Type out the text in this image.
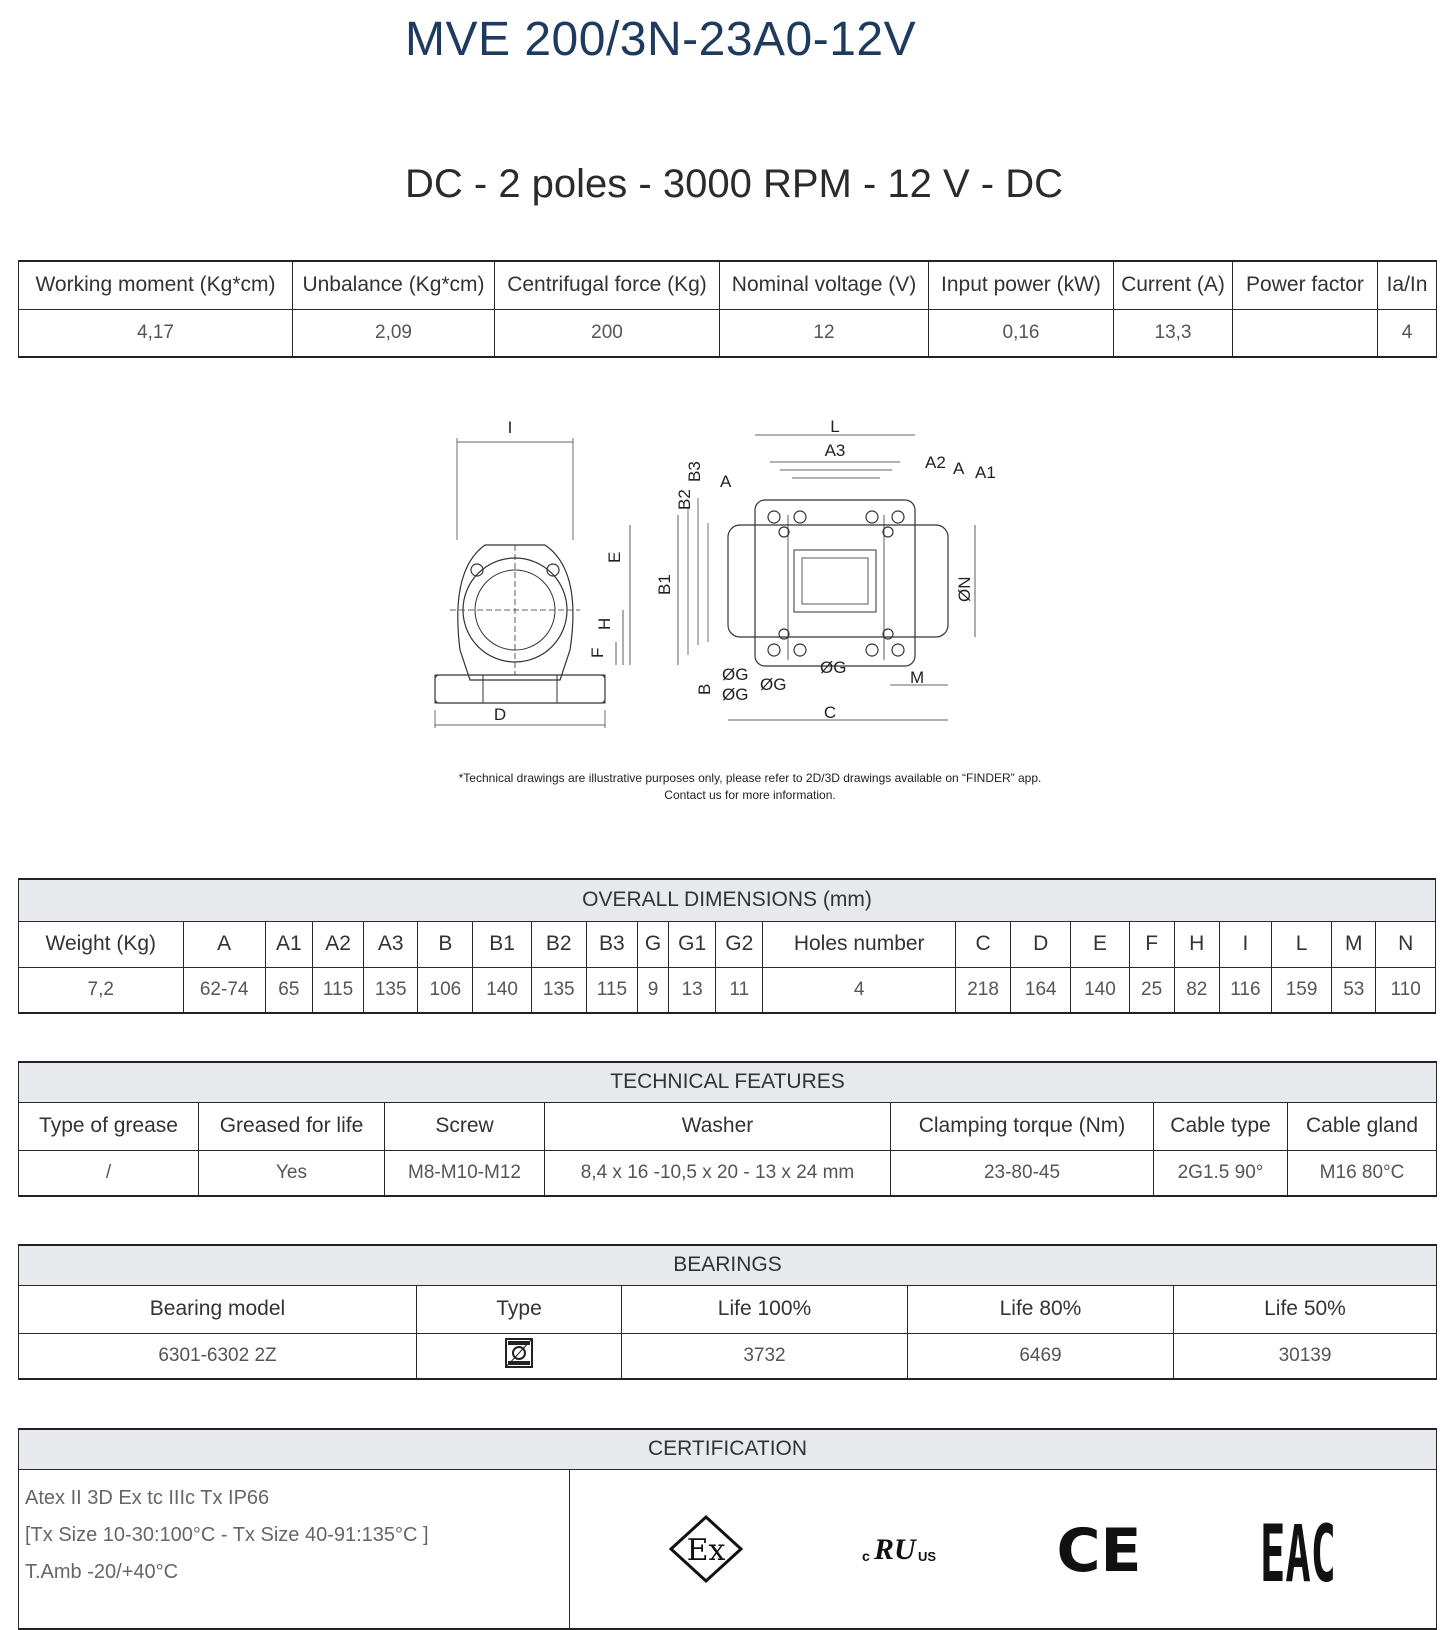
MVE 200/3N-23A0-12V
DC - 2 poles - 3000 RPM - 12 V - DC
Working moment (Kg*cm)	Unbalance (Kg*cm)	Centrifugal force (Kg)	Nominal voltage (V)	Input power (kW)	Current (A)	Power factor	Ia/In
4,17	2,09	200	12	0,16	13,3		4
I
D
E
H
F
L
A3
A2 A A1
A
B3
B2
B1
B
ØN
ØG
ØG
ØG
ØG
C
M
*Technical drawings are illustrative purposes only, please refer to 2D/3D drawings available on “FINDER” app.
Contact us for more information.
OVERALL DIMENSIONS (mm)																					
Weight (Kg)	A	A1	A2	A3	B	B1	B2	B3	G	G1	G2	Holes number	C	D	E	F	H	I	L	M	N
7,2	62-74	65	115	135	106	140	135	115	9	13	11	4	218	164	140	25	82	116	159	53	110
TECHNICAL FEATURES						
Type of grease	Greased for life	Screw	Washer	Clamping torque (Nm)	Cable type	Cable gland
/	Yes	M8-M10-M12	8,4 x 16 -10,5 x 20 - 13 x 24 mm	23-80-45	2G1.5 90°	M16 80°C
BEARINGS				
Bearing model	Type	Life 100%	Life 80%	Life 50%
6301-6302 2Z		3732	6469	30139
CERTIFICATION

Atex II 3D Ex tc IIIc Tx IP66
[Tx Size 10-30:100°C - Tx Size 40-91:135°C ]
T.Amb -20/+40°C

Ex	c RU US CE EAC
